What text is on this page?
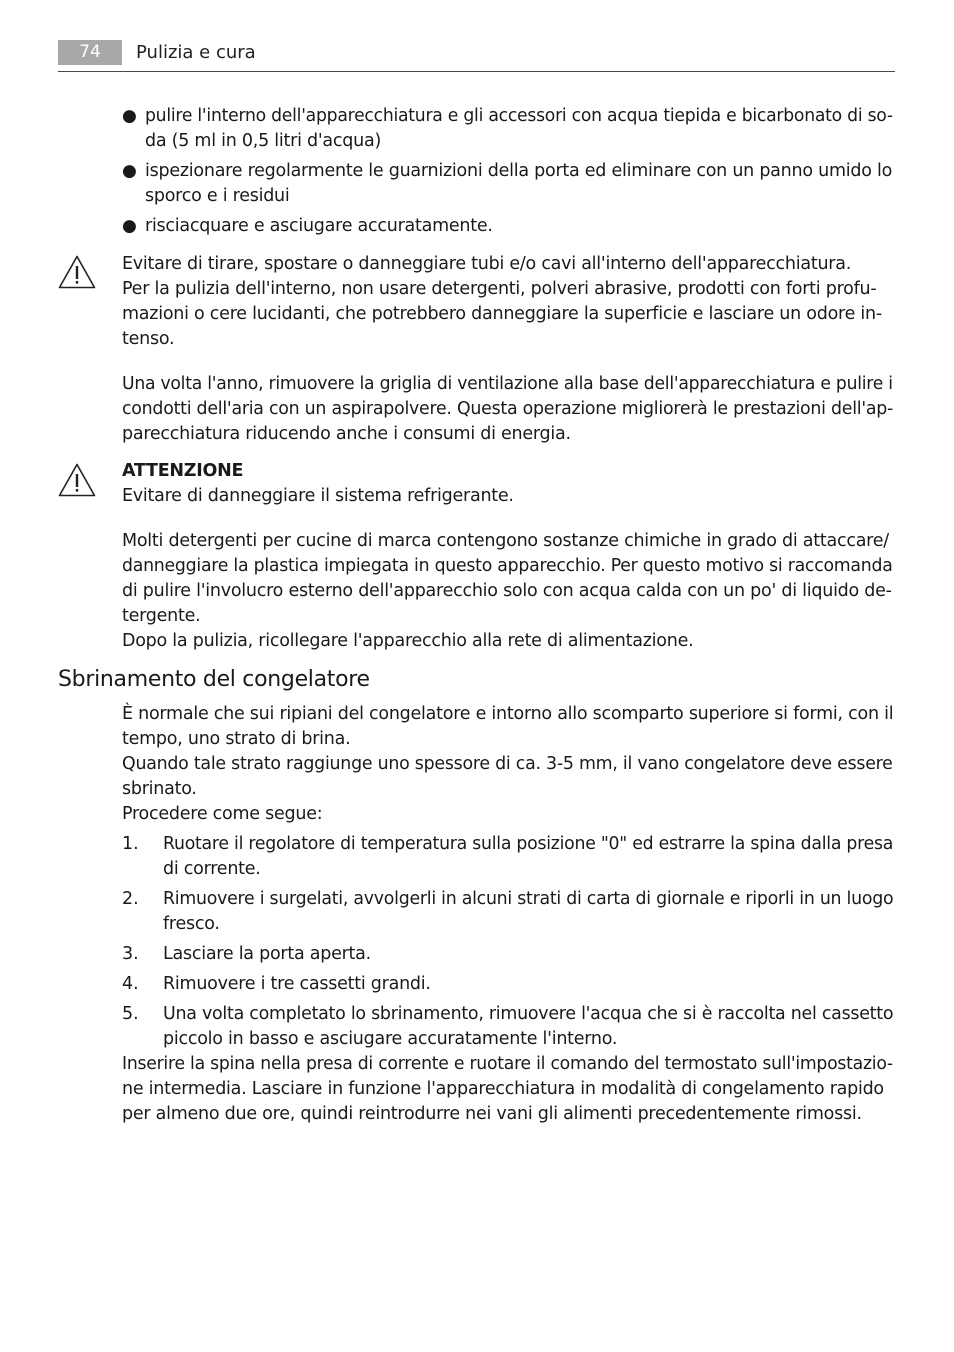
74	Pulizia e cura
● pulire l'interno dell'apparecchiatura e gli accessori con acqua tiepida e bicarbonato di so-
da (5 ml in 0,5 litri d'acqua)
● ispezionare regolarmente le guarnizioni della porta ed eliminare con un panno umido lo
sporco e i residui
● risciacquare e asciugare accuratamente.
Evitare di tirare, spostare o danneggiare tubi e/o cavi all'interno dell'apparecchiatura.
Per la pulizia dell'interno, non usare detergenti, polveri abrasive, prodotti con forti profu-
mazioni o cere lucidanti, che potrebbero danneggiare la superficie e lasciare un odore in-
tenso.
Una volta l'anno, rimuovere la griglia di ventilazione alla base dell'apparecchiatura e pulire i
condotti dell'aria con un aspirapolvere. Questa operazione migliorerà le prestazioni dell'ap-
parecchiatura riducendo anche i consumi di energia.
ATTENZIONE
Evitare di danneggiare il sistema refrigerante.
Molti detergenti per cucine di marca contengono sostanze chimiche in grado di attaccare/
danneggiare la plastica impiegata in questo apparecchio. Per questo motivo si raccomanda
di pulire l'involucro esterno dell'apparecchio solo con acqua calda con un po' di liquido de-
tergente.
Dopo la pulizia, ricollegare l'apparecchio alla rete di alimentazione.
Sbrinamento del congelatore
È normale che sui ripiani del congelatore e intorno allo scomparto superiore si formi, con il
tempo, uno strato di brina.
Quando tale strato raggiunge uno spessore di ca. 3-5 mm, il vano congelatore deve essere
sbrinato.
Procedere come segue:
1. Ruotare il regolatore di temperatura sulla posizione "0" ed estrarre la spina dalla presa
di corrente.
2. Rimuovere i surgelati, avvolgerli in alcuni strati di carta di giornale e riporli in un luogo
fresco.
3. Lasciare la porta aperta.
4. Rimuovere i tre cassetti grandi.
5. Una volta completato lo sbrinamento, rimuovere l'acqua che si è raccolta nel cassetto
piccolo in basso e asciugare accuratamente l'interno.
Inserire la spina nella presa di corrente e ruotare il comando del termostato sull'impostazio-
ne intermedia. Lasciare in funzione l'apparecchiatura in modalità di congelamento rapido
per almeno due ore, quindi reintrodurre nei vani gli alimenti precedentemente rimossi.
